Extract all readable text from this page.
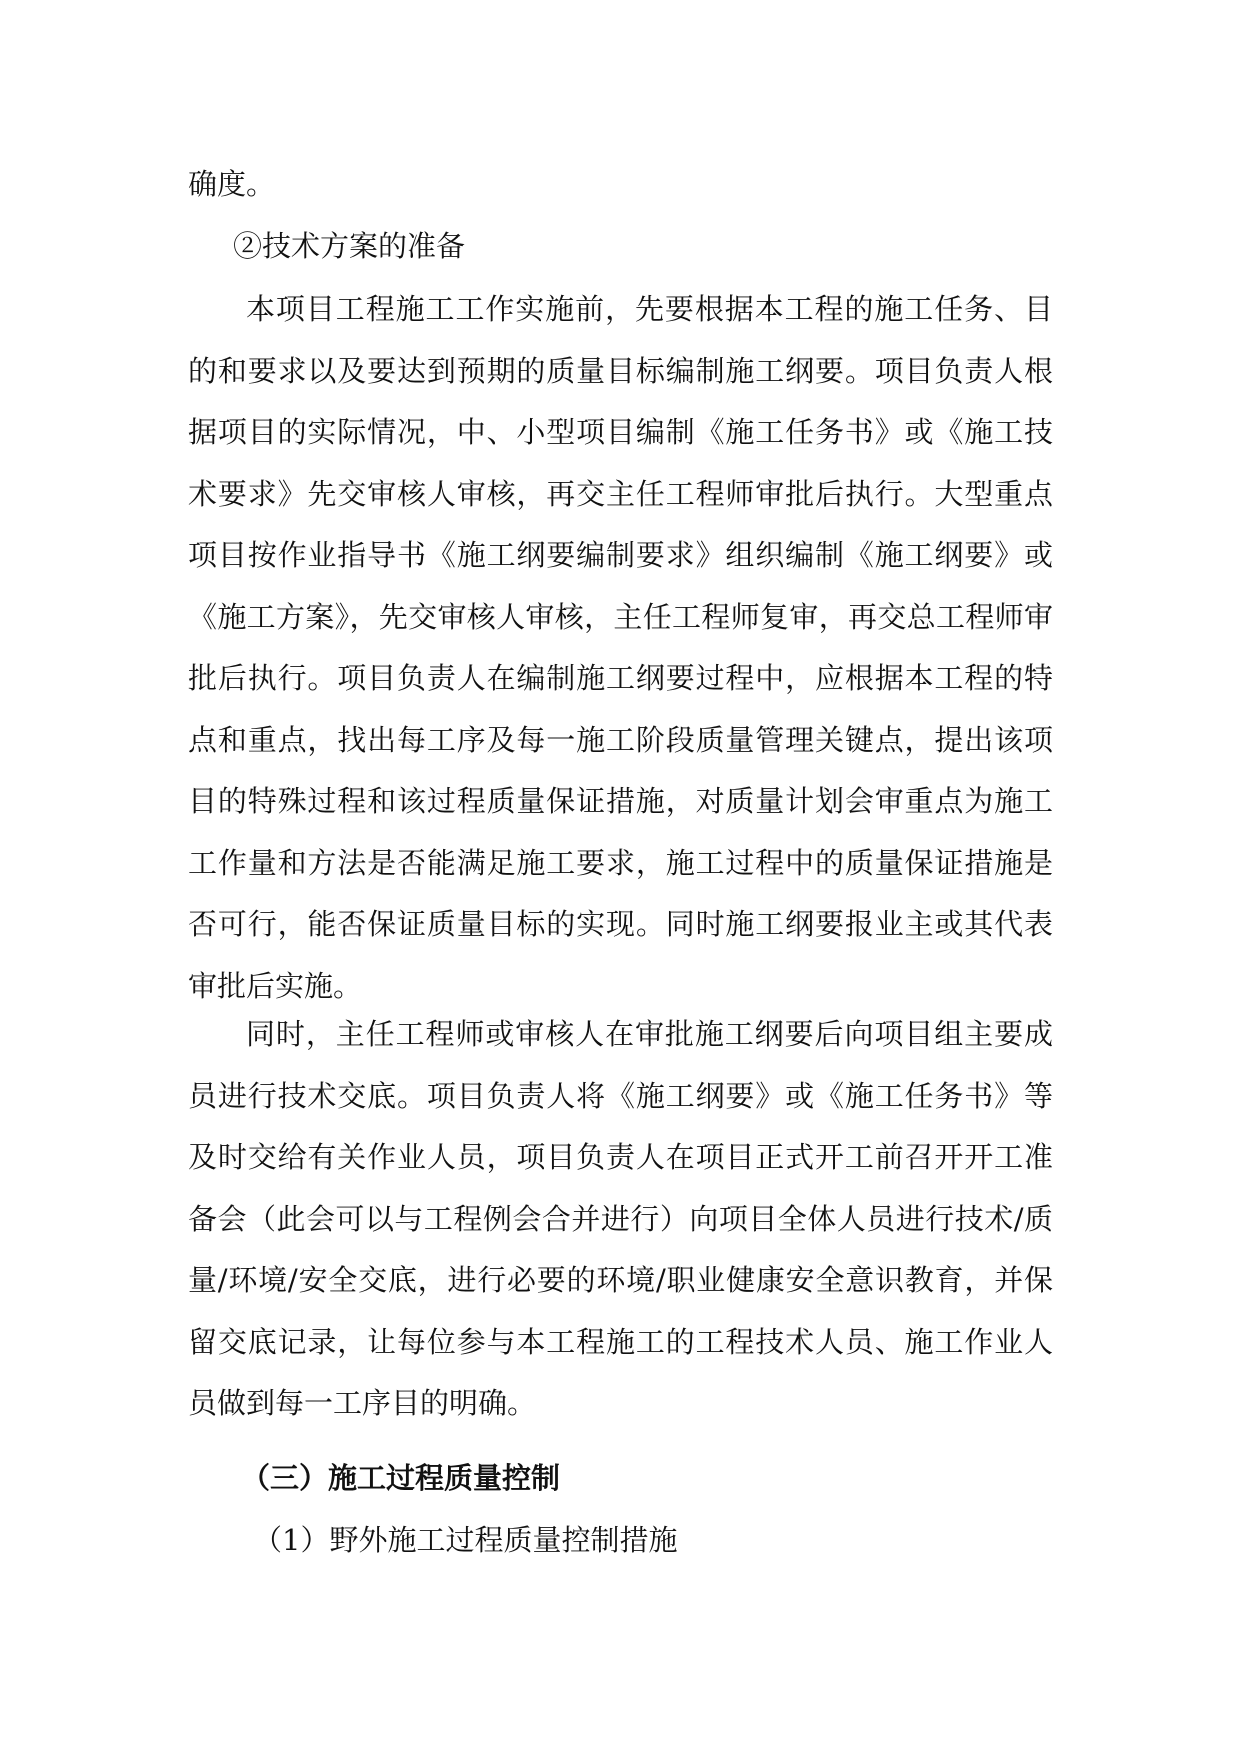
确度。

②技术方案的准备

本项目工程施工工作实施前，先要根据本工程的施工任务、目的和要求以及要达到预期的质量目标编制施工纲要。项目负责人根据项目的实际情况，中、小型项目编制《施工任务书》或《施工技术要求》先交审核人审核，再交主任工程师审批后执行。大型重点项目按作业指导书《施工纲要编制要求》组织编制《施工纲要》或《施工方案》，先交审核人审核，主任工程师复审，再交总工程师审批后执行。项目负责人在编制施工纲要过程中，应根据本工程的特点和重点，找出每工序及每一施工阶段质量管理关键点，提出该项目的特殊过程和该过程质量保证措施，对质量计划会审重点为施工工作量和方法是否能满足施工要求，施工过程中的质量保证措施是否可行，能否保证质量目标的实现。同时施工纲要报业主或其代表审批后实施。

同时，主任工程师或审核人在审批施工纲要后向项目组主要成员进行技术交底。项目负责人将《施工纲要》或《施工任务书》等及时交给有关作业人员，项目负责人在项目正式开工前召开开工准备会（此会可以与工程例会合并进行）向项目全体人员进行技术/质量/环境/安全交底，进行必要的环境/职业健康安全意识教育，并保留交底记录，让每位参与本工程施工的工程技术人员、施工作业人员做到每一工序目的明确。

（三）施工过程质量控制

（1）野外施工过程质量控制措施
